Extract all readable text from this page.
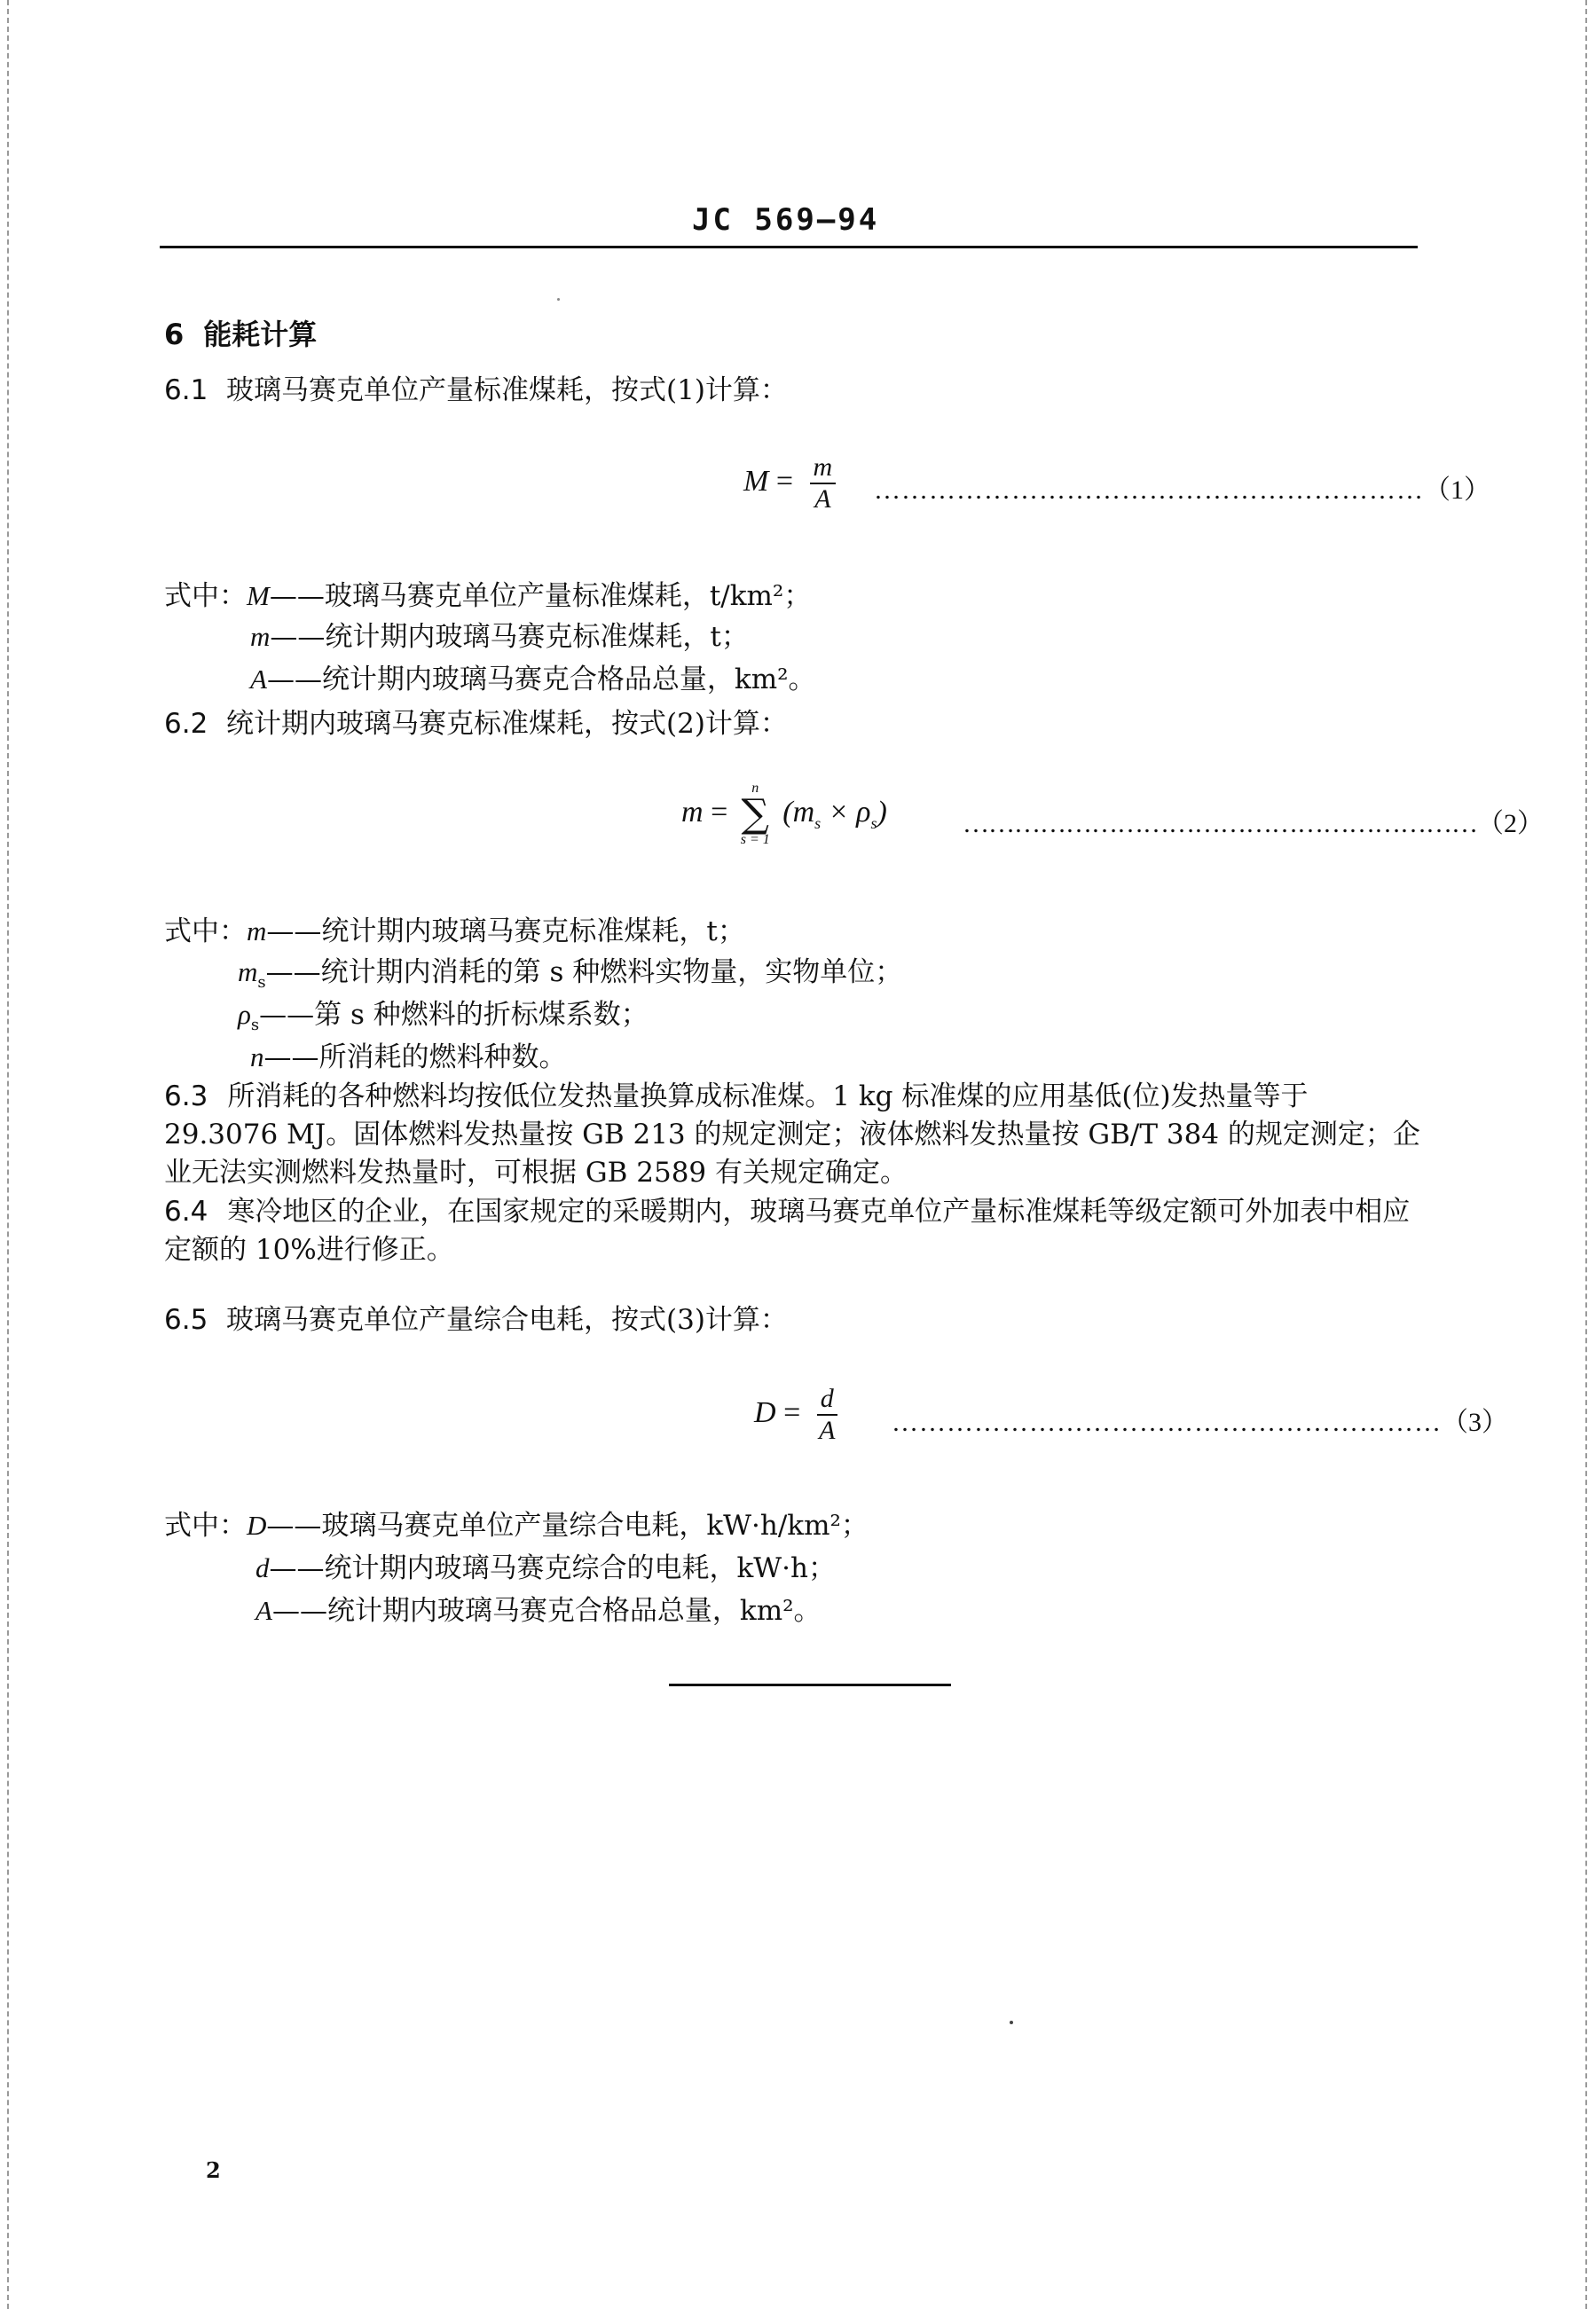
JC 569—94
6 能耗计算
6.1 玻璃马赛克单位产量标准煤耗，按式(1)计算：
$M = \frac{m}{A}$ ……………………………………………………（1）
式中：M——玻璃马赛克单位产量标准煤耗，t/km²；
m——统计期内玻璃马赛克标准煤耗，t；
A——统计期内玻璃马赛克合格品总量，km²。
6.2 统计期内玻璃马赛克标准煤耗，按式(2)计算：
m =
n
∑
s = 1
$(m_s \times \rho_s)$	……………………………………………………（2）
式中：m——统计期内玻璃马赛克标准煤耗，t；
$m_s——$统计期内消耗的第 s 种燃料实物量，实物单位；
$\rho_s——$第 s 种燃料的折标煤系数；
n——所消耗的燃料种数。
6.3 所消耗的各种燃料均按低位发热量换算成标准煤。1 kg 标准煤的应用基低(位)发热量等于 29.3076 MJ。固体燃料发热量按 GB 213 的规定测定；液体燃料发热量按 GB/T 384 的规定测定；企业无法实测燃料发热量时，可根据 GB 2589 有关规定确定。
6.4 寒冷地区的企业，在国家规定的采暖期内，玻璃马赛克单位产量标准煤耗等级定额可外加表中相应定额的 10%进行修正。
6.5 玻璃马赛克单位产量综合电耗，按式(3)计算：
$D = \frac{d}{A}$ ……………………………………………………（3）
式中：D——玻璃马赛克单位产量综合电耗，kW·h/km²；
d——统计期内玻璃马赛克综合的电耗，kW·h；
A——统计期内玻璃马赛克合格品总量，km²。
2
